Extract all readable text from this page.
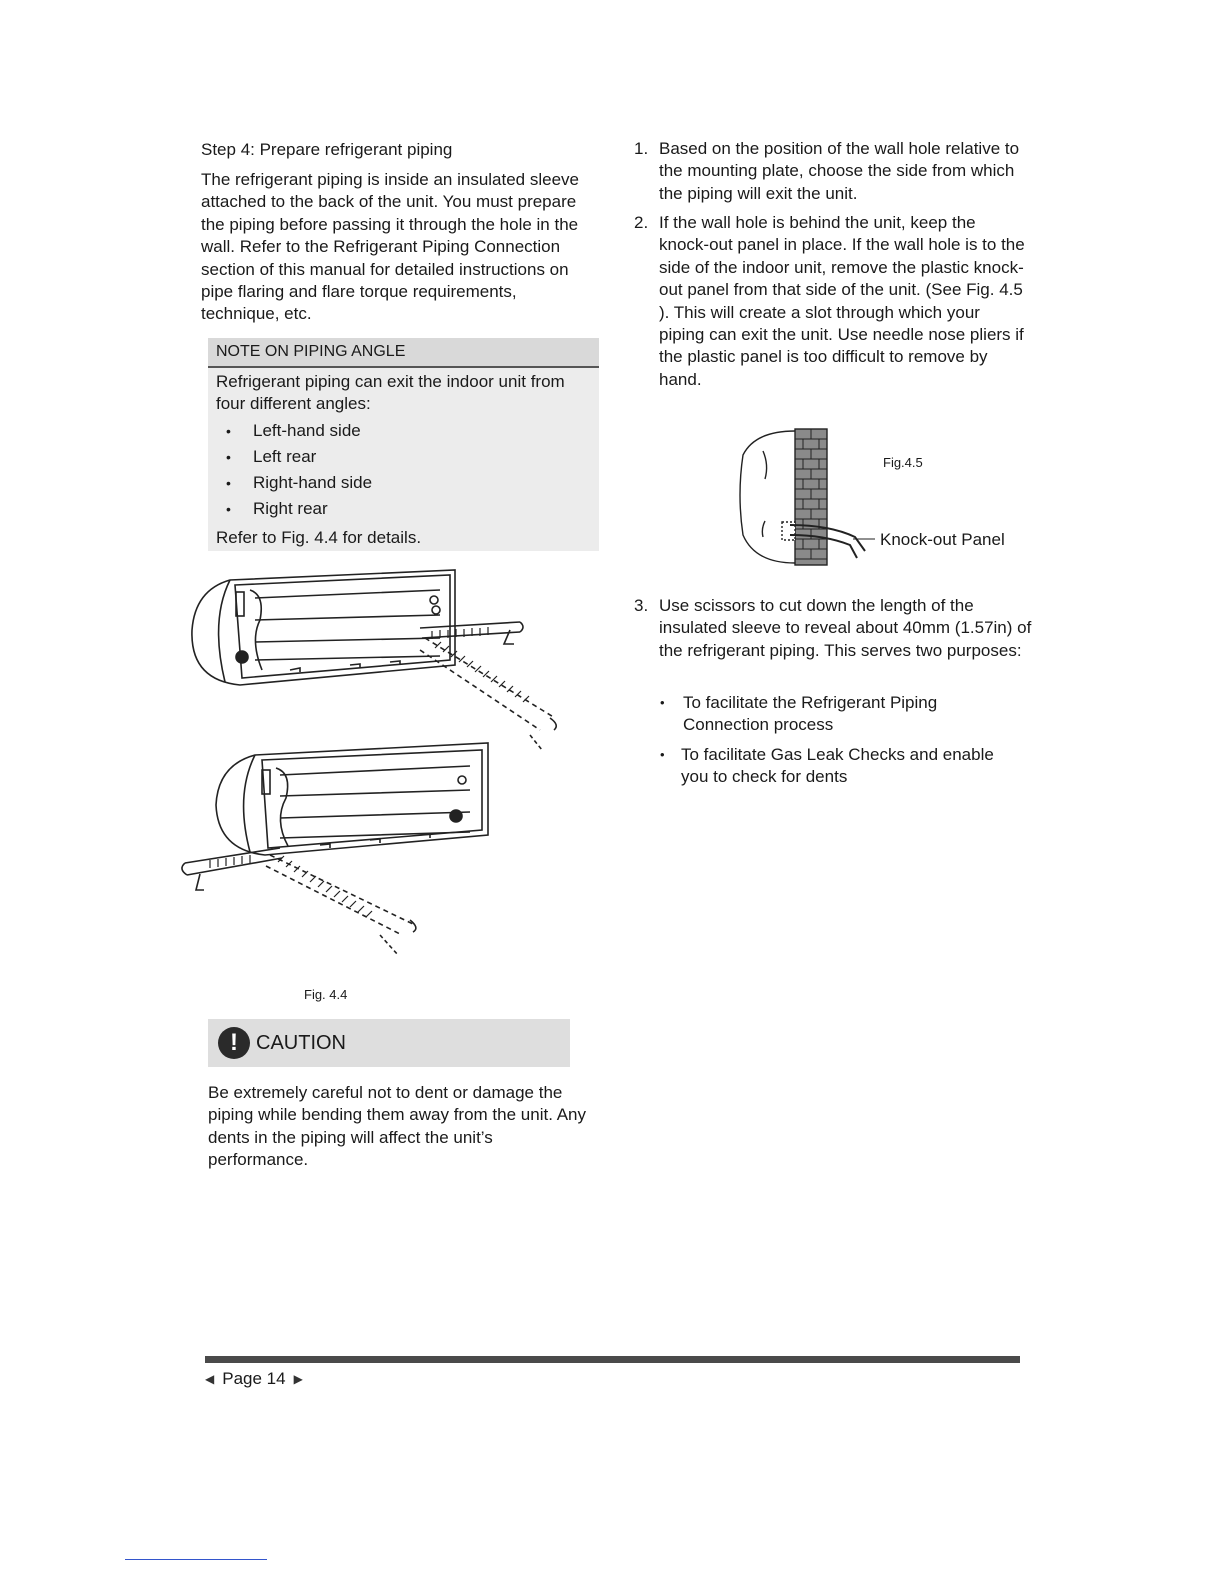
Step 4: Prepare refrigerant piping

The refrigerant piping is inside an insulated sleeve attached to the back of the unit. You must prepare the piping before passing it through the hole in the wall. Refer to the Refrigerant Piping Connection section of this manual for detailed instructions on pipe flaring and flare torque requirements, technique, etc.

NOTE ON PIPING ANGLE

Refrigerant piping can exit the indoor unit from four different angles:

• Left-hand side
• Left rear
• Right-hand side
• Right rear
Refer to Fig. 4.4 for details.
Fig. 4.4
! CAUTION

Be extremely careful not to dent or damage the piping while bending them away from the unit. Any dents in the piping will affect the unit’s performance.

1. Based on the position of the wall hole relative to the mounting plate, choose the side from which the piping will exit the unit.

2. If the wall hole is behind the unit, keep the knock-out panel in place. If the wall hole is to the side of the indoor unit, remove the plastic knock-out panel from that side of the unit. (See Fig. 4.5 ). This will create a slot through which your piping can exit the unit. Use needle nose pliers if the plastic panel is too difficult to remove by hand.

Fig.4.5
Knock-out Panel
3. Use scissors to cut down the length of the insulated sleeve to reveal about 40mm (1.57in) of the refrigerant piping. This serves two purposes:

• To facilitate the Refrigerant Piping Connection process

• To facilitate Gas Leak Checks and enable you to check for dents

◀ Page 14 ▶
